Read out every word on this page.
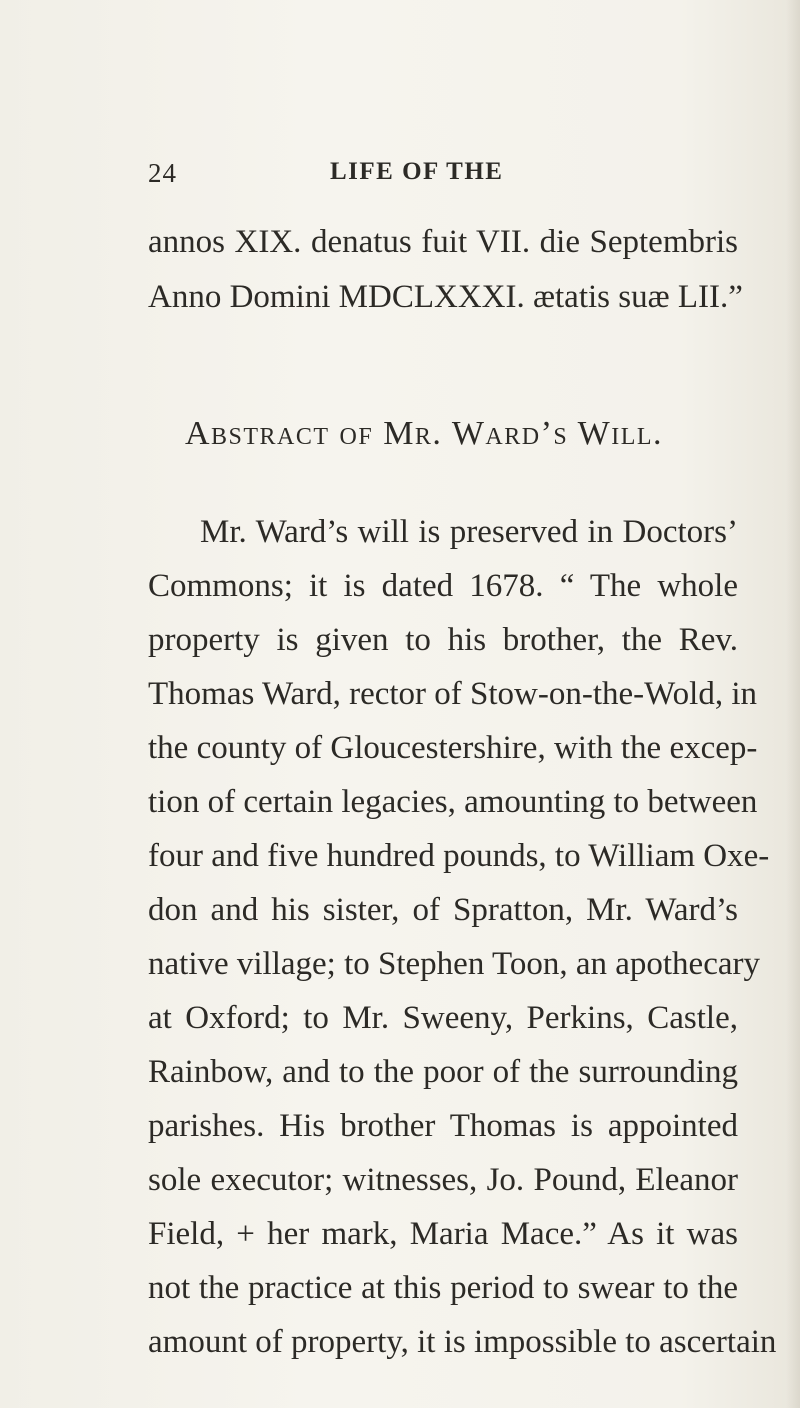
24	LIFE OF THE
annos XIX. denatus fuit VII. die Septembris
Anno Domini MDCLXXXI. ætatis suæ LII.”
Abstract of Mr. Ward’s Will.
Mr. Ward’s will is preserved in Doctors’
Commons; it is dated 1678. “ The whole
property is given to his brother, the Rev.
Thomas Ward, rector of Stow-on-the-Wold, in
the county of Gloucestershire, with the excep-
tion of certain legacies, amounting to between
four and five hundred pounds, to William Oxe-
don and his sister, of Spratton, Mr. Ward’s
native village; to Stephen Toon, an apothecary
at Oxford; to Mr. Sweeny, Perkins, Castle,
Rainbow, and to the poor of the surrounding
parishes. His brother Thomas is appointed
sole executor; witnesses, Jo. Pound, Eleanor
Field, + her mark, Maria Mace.” As it was
not the practice at this period to swear to the
amount of property, it is impossible to ascertain
